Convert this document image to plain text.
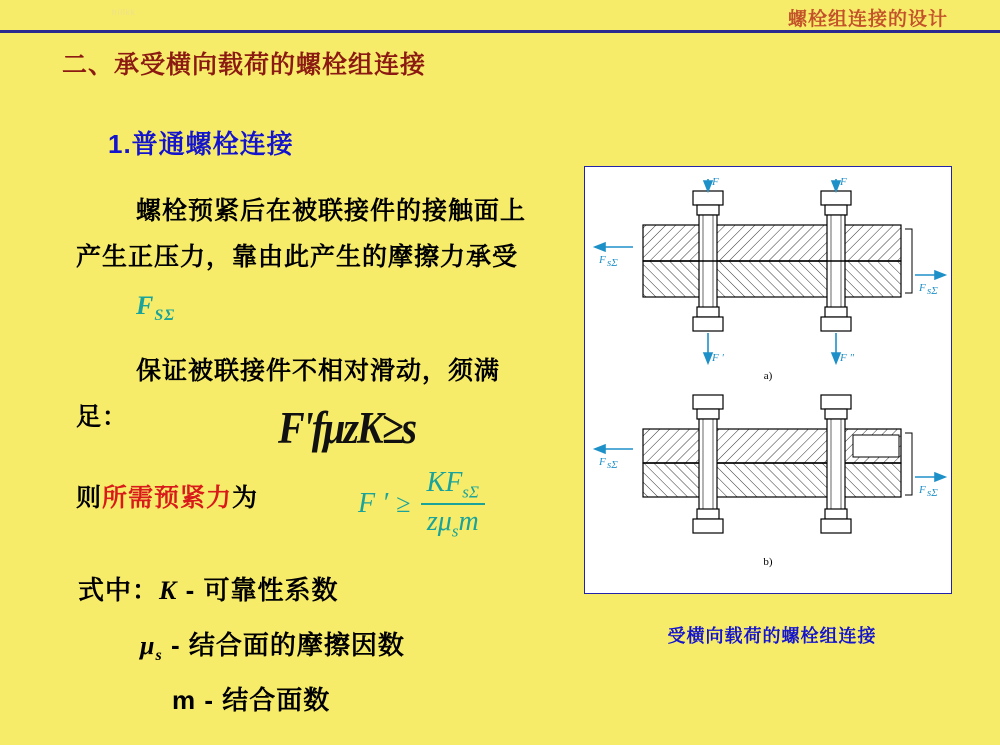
hillkk	螺栓组连接的设计
二、承受横向载荷的螺栓组连接
1.普通螺栓连接
螺栓预紧后在被联接件的接触面上产生正压力，靠由此产生的摩擦力承受 $F_{S\Sigma}$
保证被联接件不相对滑动，须满足：	F'fμzK≥s
则所需预紧力为	F ′ ≥ $\frac{KF_{s\Sigma}}{z\mu_sm}$
式中：K - 可靠性系数
$\mu_s$ - 结合面的摩擦因数
m - 结合面数
F sΣ
F sΣ
F	F
F ′	F ″
a)
F sΣ
F sΣ
b)
受横向载荷的螺栓组连接
